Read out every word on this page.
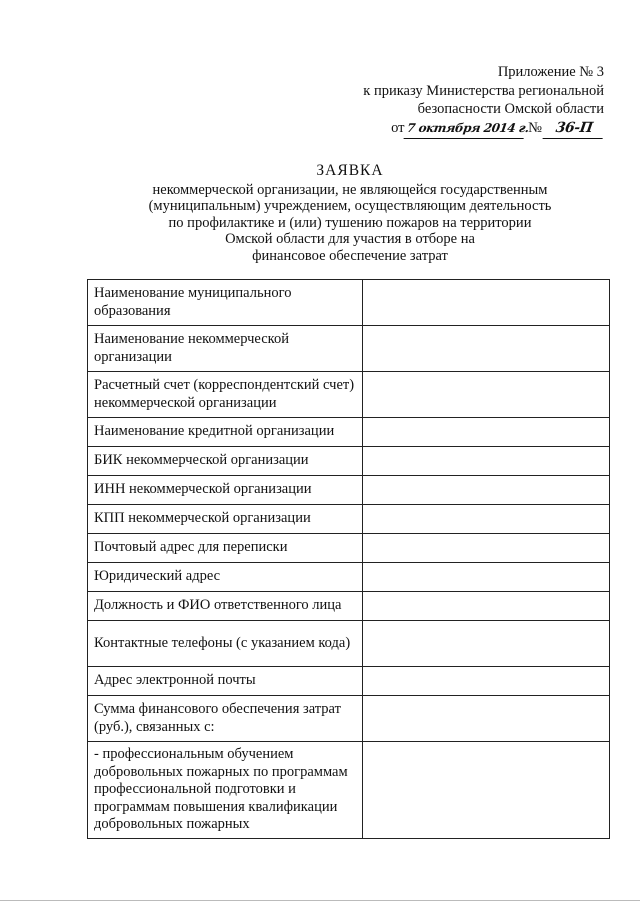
Приложение № 3
к приказу Министерства региональной
безопасности Омской области
от7 октября 2014 г. № 36-П
ЗАЯВКА
некоммерческой организации, не являющейся государственным
(муниципальным) учреждением, осуществляющим деятельность
по профилактике и (или) тушению пожаров на территории
Омской области для участия в отборе на
финансовое обеспечение затрат
Наименование муниципального образования	
Наименование некоммерческой организации	
Расчетный счет (корреспондентский счет) некоммерческой организации	
Наименование кредитной организации	
БИК некоммерческой организации	
ИНН некоммерческой организации	
КПП некоммерческой организации	
Почтовый адрес для переписки	
Юридический адрес	
Должность и ФИО ответственного лица	
Контактные телефоны (с указанием кода)	
Адрес электронной почты	
Сумма финансового обеспечения затрат (руб.), связанных с:	
- профессиональным обучением добровольных пожарных по программам профессиональной подготовки и программам повышения квалификации добровольных пожарных	
